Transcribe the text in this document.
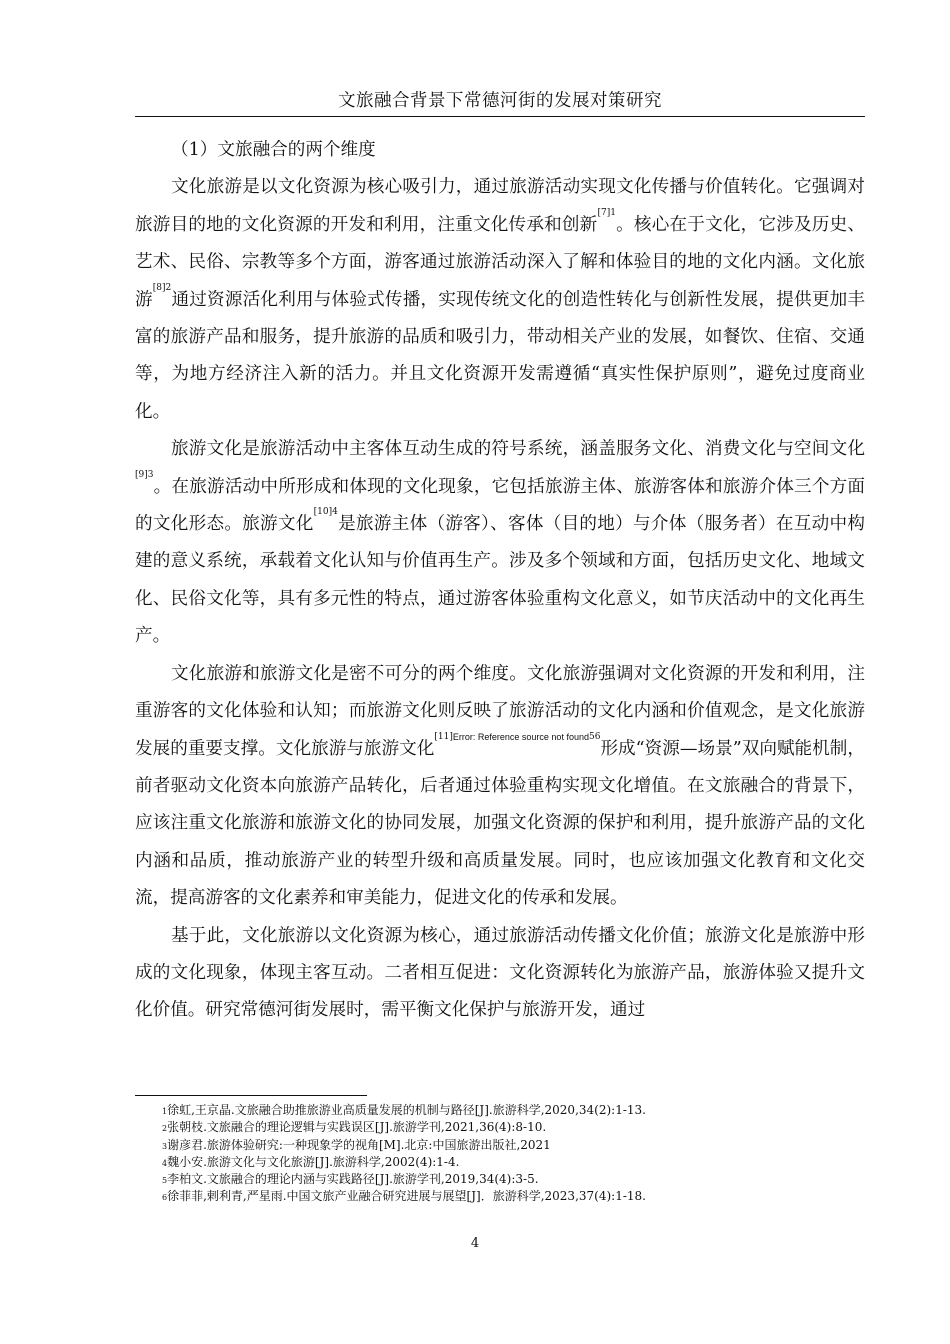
文旅融合背景下常德河街的发展对策研究

（1）文旅融合的两个维度

文化旅游是以文化资源为核心吸引力，通过旅游活动实现文化传播与价值转化。它强调对旅游目的地的文化资源的开发和利用，注重文化传承和创新$^{[7]1}$。核心在于文化，它涉及历史、艺术、民俗、宗教等多个方面，游客通过旅游活动深入了解和体验目的地的文化内涵。文化旅游$^{[8]2}$通过资源活化利用与体验式传播，实现传统文化的创造性转化与创新性发展，提供更加丰富的旅游产品和服务，提升旅游的品质和吸引力，带动相关产业的发展，如餐饮、住宿、交通等，为地方经济注入新的活力。并且文化资源开发需遵循“真实性保护原则”，避免过度商业化。

旅游文化是旅游活动中主客体互动生成的符号系统，涵盖服务文化、消费文化与空间文化$^{[9]3}$。在旅游活动中所形成和体现的文化现象，它包括旅游主体、旅游客体和旅游介体三个方面的文化形态。旅游文化$^{[10]4}$是旅游主体（游客）、客体（目的地）与介体（服务者）在互动中构建的意义系统，承载着文化认知与价值再生产。涉及多个领域和方面，包括历史文化、地域文化、民俗文化等，具有多元性的特点，通过游客体验重构文化意义，如节庆活动中的文化再生产。

文化旅游和旅游文化是密不可分的两个维度。文化旅游强调对文化资源的开发和利用，注重游客的文化体验和认知；而旅游文化则反映了旅游活动的文化内涵和价值观念，是文化旅游发展的重要支撑。文化旅游与旅游文化$^{[11]Error: Reference source not found56}$形成“资源—场景”双向赋能机制，前者驱动文化资本向旅游产品转化，后者通过体验重构实现文化增值。在文旅融合的背景下，应该注重文化旅游和旅游文化的协同发展，加强文化资源的保护和利用，提升旅游产品的文化内涵和品质，推动旅游产业的转型升级和高质量发展。同时，也应该加强文化教育和文化交流，提高游客的文化素养和审美能力，促进文化的传承和发展。

基于此，文化旅游以文化资源为核心，通过旅游活动传播文化价值；旅游文化是旅游中形成的文化现象，体现主客互动。二者相互促进：文化资源转化为旅游产品，旅游体验又提升文化价值。研究常德河街发展时，需平衡文化保护与旅游开发，通过

$^1$徐虹,王京晶.文旅融合助推旅游业高质量发展的机制与路径[J].旅游科学,2020,34(2):1-13.
$^2$张朝枝.文旅融合的理论逻辑与实践误区[J].旅游学刊,2021,36(4):8-10.
$^3$谢彦君.旅游体验研究:一种现象学的视角[M].北京:中国旅游出版社,2021
$^4$魏小安.旅游文化与文化旅游[J].旅游科学,2002(4):1-4.
$^5$李柏文.文旅融合的理论内涵与实践路径[J].旅游学刊,2019,34(4):3-5.
$^6$徐菲菲,剌利青,严星雨.中国文旅产业融合研究进展与展望[J]．旅游科学,2023,37(4):1-18.
4
